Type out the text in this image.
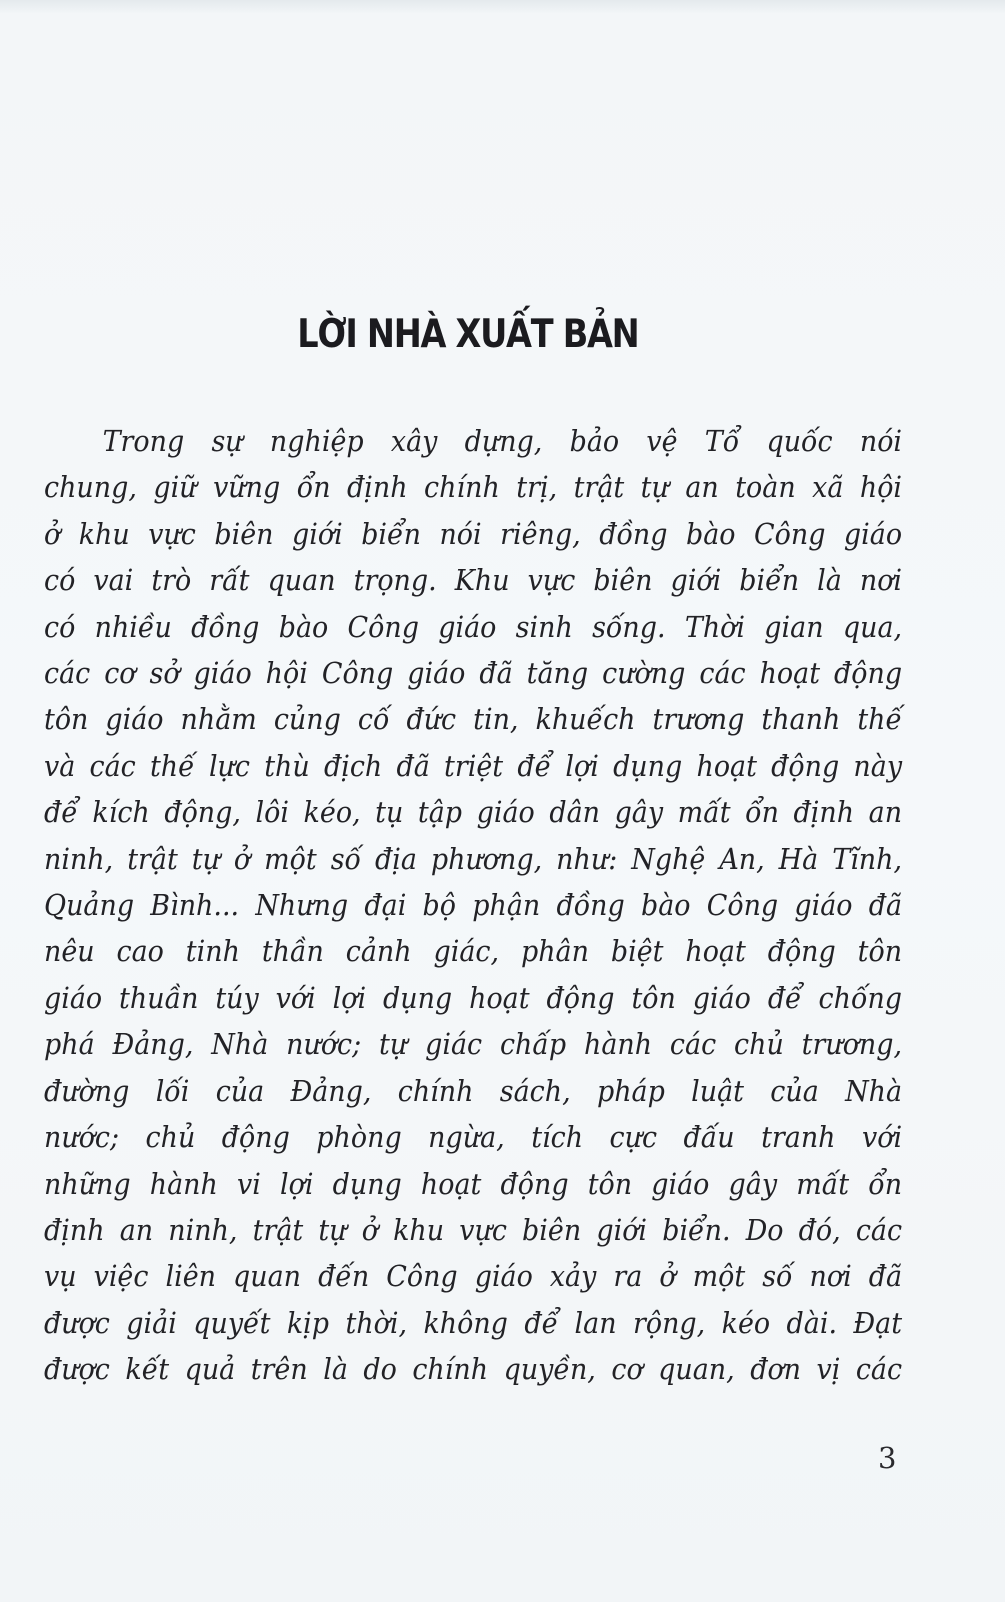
LỜI NHÀ XUẤT BẢN
Trong sự nghiệp xây dựng, bảo vệ Tổ quốc nói
chung, giữ vững ổn định chính trị, trật tự an toàn xã hội
ở khu vực biên giới biển nói riêng, đồng bào Công giáo
có vai trò rất quan trọng. Khu vực biên giới biển là nơi
có nhiều đồng bào Công giáo sinh sống. Thời gian qua,
các cơ sở giáo hội Công giáo đã tăng cường các hoạt động
tôn giáo nhằm củng cố đức tin, khuếch trương thanh thế
và các thế lực thù địch đã triệt để lợi dụng hoạt động này
để kích động, lôi kéo, tụ tập giáo dân gây mất ổn định an
ninh, trật tự ở một số địa phương, như: Nghệ An, Hà Tĩnh,
Quảng Bình... Nhưng đại bộ phận đồng bào Công giáo đã
nêu cao tinh thần cảnh giác, phân biệt hoạt động tôn
giáo thuần túy với lợi dụng hoạt động tôn giáo để chống
phá Đảng, Nhà nước; tự giác chấp hành các chủ trương,
đường lối của Đảng, chính sách, pháp luật của Nhà
nước; chủ động phòng ngừa, tích cực đấu tranh với
những hành vi lợi dụng hoạt động tôn giáo gây mất ổn
định an ninh, trật tự ở khu vực biên giới biển. Do đó, các
vụ việc liên quan đến Công giáo xảy ra ở một số nơi đã
được giải quyết kịp thời, không để lan rộng, kéo dài. Đạt
được kết quả trên là do chính quyền, cơ quan, đơn vị các
3
